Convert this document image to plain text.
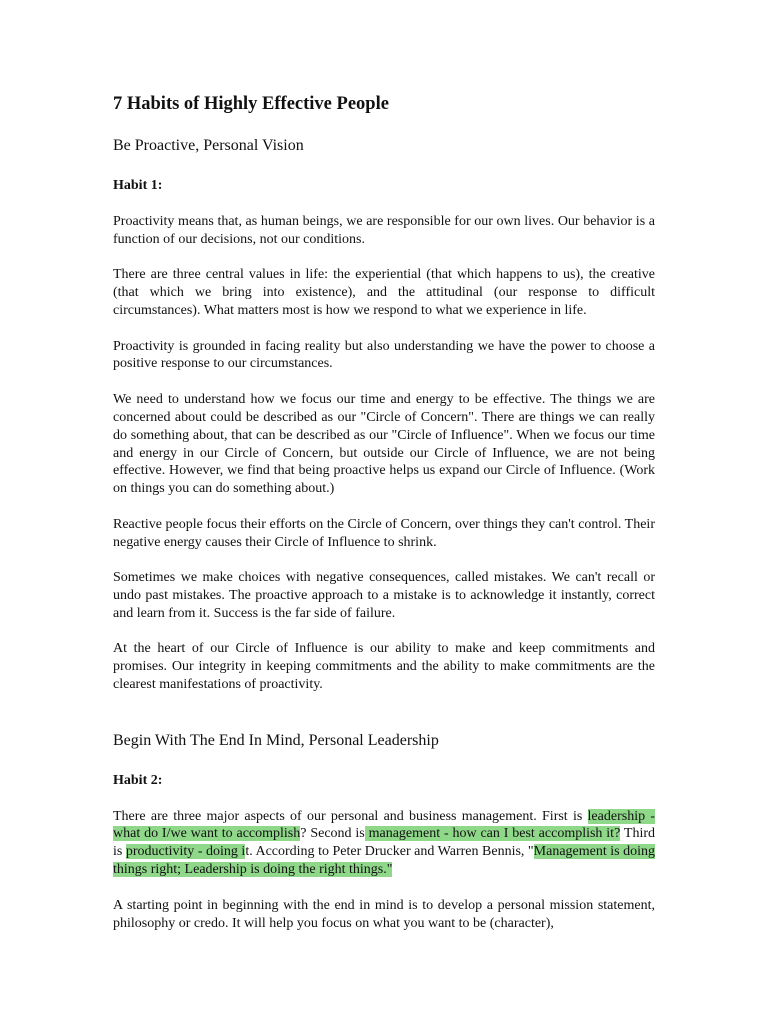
7 Habits of Highly Effective People
Be Proactive, Personal Vision
Habit 1:

Proactivity means that, as human beings, we are responsible for our own lives. Our behavior is a function of our decisions, not our conditions.

There are three central values in life: the experiential (that which happens to us), the creative (that which we bring into existence), and the attitudinal (our response to difficult circumstances). What matters most is how we respond to what we experience in life.

Proactivity is grounded in facing reality but also understanding we have the power to choose a positive response to our circumstances.

We need to understand how we focus our time and energy to be effective. The things we are concerned about could be described as our "Circle of Concern". There are things we can really do something about, that can be described as our "Circle of Influence". When we focus our time and energy in our Circle of Concern, but outside our Circle of Influence, we are not being effective. However, we find that being proactive helps us expand our Circle of Influence. (Work on things you can do something about.)

Reactive people focus their efforts on the Circle of Concern, over things they can't control. Their negative energy causes their Circle of Influence to shrink.

Sometimes we make choices with negative consequences, called mistakes. We can't recall or undo past mistakes. The proactive approach to a mistake is to acknowledge it instantly, correct and learn from it. Success is the far side of failure.

At the heart of our Circle of Influence is our ability to make and keep commitments and promises. Our integrity in keeping commitments and the ability to make commitments are the clearest manifestations of proactivity.

Begin With The End In Mind, Personal Leadership
Habit 2:

There are three major aspects of our personal and business management. First is leadership - what do I/we want to accomplish? Second is management - how can I best accomplish it? Third is productivity - doing it. According to Peter Drucker and Warren Bennis, "Management is doing things right; Leadership is doing the right things."

A starting point in beginning with the end in mind is to develop a personal mission statement, philosophy or credo. It will help you focus on what you want to be (character),
